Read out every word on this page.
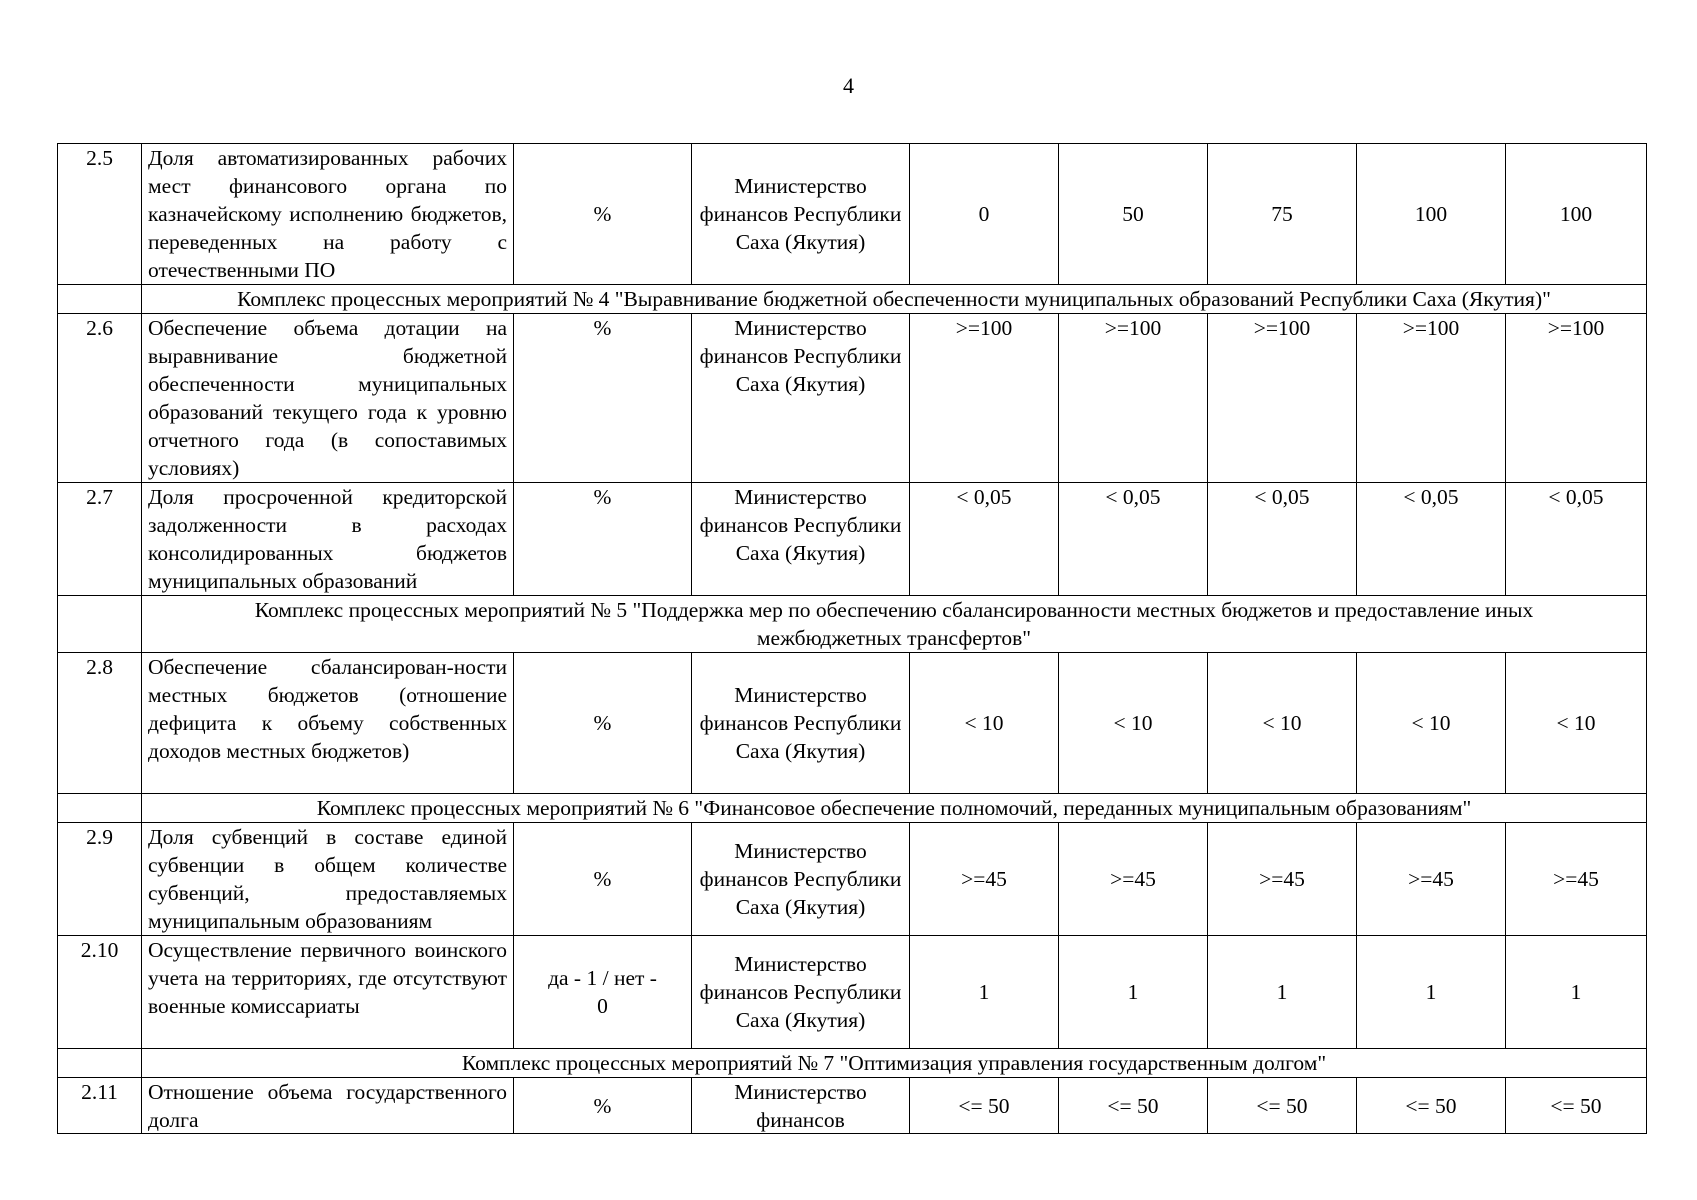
4
2.5	Доля автоматизированных рабочих мест финансового органа по казначейскому исполнению бюджетов, переведенных на работу с отечественными ПО	%	Министерство финансов Республики Саха (Якутия)	0	50	75	100	100
	Комплекс процессных мероприятий № 4 "Выравнивание бюджетной обеспеченности муниципальных образований Республики Саха (Якутия)"							
2.6	Обеспечение объема дотации на выравнивание бюджетной обеспеченности муниципальных образований текущего года к уровню отчетного года (в сопоставимых условиях)	%	Министерство финансов Республики Саха (Якутия)	>=100	>=100	>=100	>=100	>=100
2.7	Доля просроченной кредиторской задолженности в расходах консолидированных бюджетов муниципальных образований	%	Министерство финансов Республики Саха (Якутия)	< 0,05	< 0,05	< 0,05	< 0,05	< 0,05
	Комплекс процессных мероприятий № 5 "Поддержка мер по обеспечению сбалансированности местных бюджетов и предоставление иных межбюджетных трансфертов"							
2.8	Обеспечение сбалансирован-ности местных бюджетов (отношение дефицита к объему собственных доходов местных бюджетов)	%	Министерство финансов Республики Саха (Якутия)	< 10	< 10	< 10	< 10	< 10
	Комплекс процессных мероприятий № 6 "Финансовое обеспечение полномочий, переданных муниципальным образованиям"							
2.9	Доля субвенций в составе единой субвенции в общем количестве субвенций, предоставляемых муниципальным образованиям	%	Министерство финансов Республики Саха (Якутия)	>=45	>=45	>=45	>=45	>=45
2.10	Осуществление первичного воинского учета на территориях, где отсутствуют военные комиссариаты	да - 1 / нет - 0	Министерство финансов Республики Саха (Якутия)	1	1	1	1	1
	Комплекс процессных мероприятий № 7 "Оптимизация управления государственным долгом"							
2.11	Отношение объема государственного долга	%	Министерство финансов	<= 50	<= 50	<= 50	<= 50	<= 50
